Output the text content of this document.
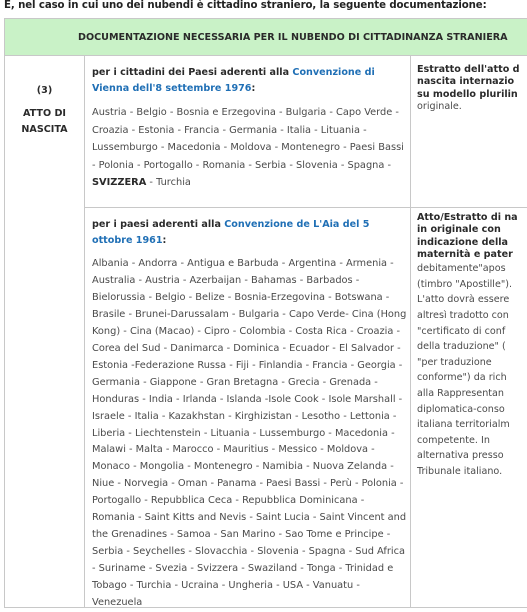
E, nel caso in cui uno dei nubendi è cittadino straniero, la seguente documentazione:
DOCUMENTAZIONE NECESSARIA PER IL NUBENDO DI CITTADINANZA STRANIERA
(3)
ATTO DI
NASCITA
per i cittadini dei Paesi aderenti alla Convenzione di Vienna dell'8 settembre 1976:
Austria - Belgio - Bosnia e Erzegovina - Bulgaria - Capo Verde - Croazia - Estonia - Francia - Germania - Italia - Lituania - Lussemburgo - Macedonia - Moldova - Montenegro - Paesi Bassi - Polonia - Portogallo - Romania - Serbia - Slovenia - Spagna -
SVIZZERA - Turchia
Estratto dell'atto d
nascita internazio
su modello plurilin
originale.
per i paesi aderenti alla Convenzione de L'Aia del 5 ottobre 1961:
Albania - Andorra - Antigua e Barbuda - Argentina - Armenia - Australia - Austria - Azerbaijan - Bahamas - Barbados - Bielorussia - Belgio - Belize - Bosnia-Erzegovina - Botswana - Brasile - Brunei-Darussalam - Bulgaria - Capo Verde- Cina (Hong Kong) - Cina (Macao) - Cipro - Colombia - Costa Rica - Croazia - Corea del Sud - Danimarca - Dominica - Ecuador - El Salvador - Estonia -Federazione Russa - Fiji - Finlandia - Francia - Georgia - Germania - Giappone - Gran Bretagna - Grecia - Grenada - Honduras - India - Irlanda - Islanda -Isole Cook - Isole Marshall - Israele - Italia - Kazakhstan - Kirghizistan - Lesotho - Lettonia - Liberia - Liechtenstein - Lituania - Lussemburgo - Macedonia - Malawi - Malta - Marocco - Mauritius - Messico - Moldova - Monaco - Mongolia - Montenegro - Namibia - Nuova Zelanda - Niue - Norvegia - Oman - Panama - Paesi Bassi - Perù - Polonia - Portogallo - Repubblica Ceca - Repubblica Dominicana - Romania - Saint Kitts and Nevis - Saint Lucia - Saint Vincent and the Grenadines - Samoa - San Marino - Sao Tome e Principe - Serbia - Seychelles - Slovacchia - Slovenia - Spagna - Sud Africa - Suriname - Svezia - Svizzera - Swaziland - Tonga - Trinidad e Tobago - Turchia - Ucraina - Ungheria - USA - Vanuatu - Venezuela
Atto/Estratto di na
in originale con
indicazione della
maternità e pater
debitamente"apos
(timbro "Apostille").
L'atto dovrà essere
altresì tradotto con
"certificato di conf
della traduzione" (
"per traduzione
conforme") da rich
alla Rappresentan
diplomatica-conso
italiana territorialm
competente. In
alternativa presso
Tribunale italiano.
